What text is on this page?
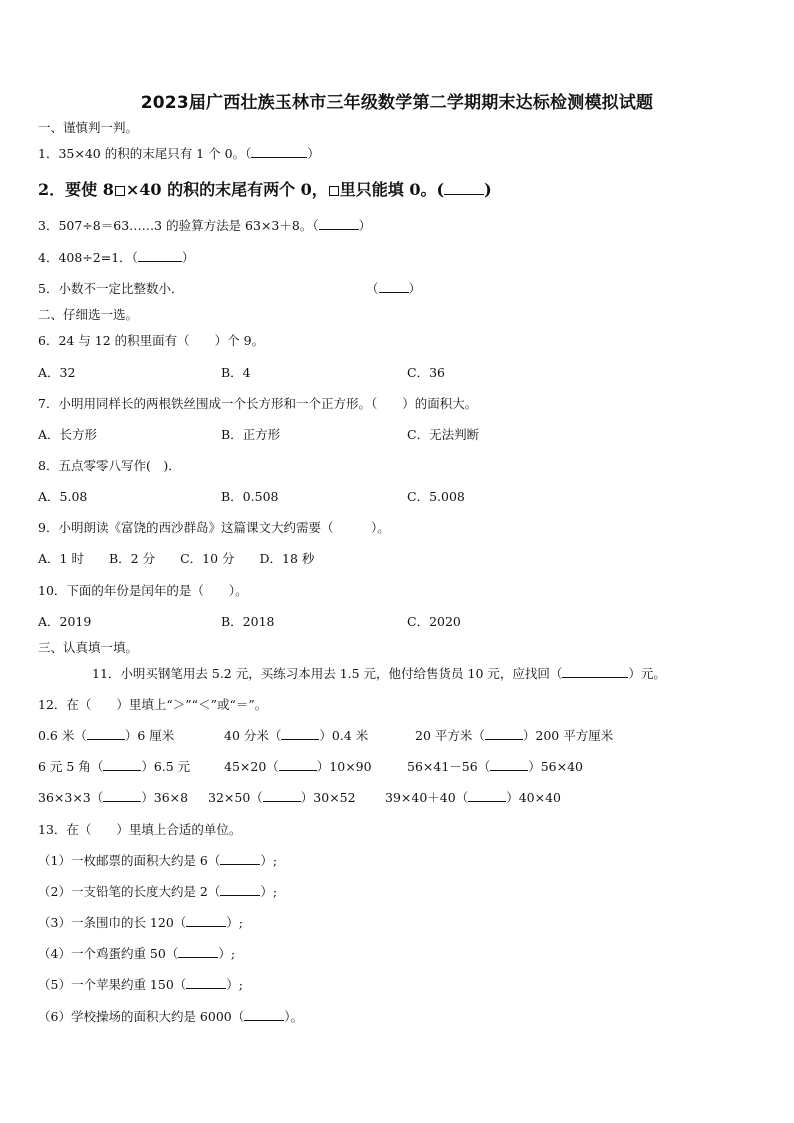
2023届广西壮族玉林市三年级数学第二学期期末达标检测模拟试题
一、谨慎判一判。
1．35×40 的积的末尾只有 1 个 0。（	）
2．要使 8 ×40 的积的末尾有两个 0， 里只能填 0。(	)
3．507÷8＝63……3 的验算方法是 63×3＋8。（	）
4．408÷2=1．（	）
5．小数不一定比整数小．	（ ）
二、仔细选一选。
6．24 与 12 的积里面有（　　）个 9。
A．32	B．4	C．36
7．小明用同样长的两根铁丝围成一个长方形和一个正方形。（　　）的面积大。
A．长方形	B．正方形	C．无法判断
8．五点零零八写作(　)．
A．5.08	B．0.508	C．5.008
9．小明朗读《富饶的西沙群岛》这篇课文大约需要（　　　）。
A．1 时　　B．2 分　　C．10 分　　D．18 秒
10．下面的年份是闰年的是（　　）。
A．2019	B．2018	C．2020
三、认真填一填。
11．小明买钢笔用去 5.2 元，买练习本用去 1.5 元，他付给售货员 10 元，应找回（	）元。
12．在（　　）里填上“＞”“＜”或“＝”。
0.6 米（	）6 厘米	40 分米（	）0.4 米	20 平方米（	）200 平方厘米
6 元 5 角（	）6.5 元	45×20（	）10×90	56×41－56（	）56×40
36×3×3（	）36×8 32×50（	）30×52 39×40＋40（	）40×40
13．在（　　）里填上合适的单位。
（1）一枚邮票的面积大约是 6（	）;
（2）一支铅笔的长度大约是 2（	）;
（3）一条围巾的长 120（	）;
（4）一个鸡蛋约重 50（	）;
（5）一个苹果约重 150（	）;
（6）学校操场的面积大约是 6000（	）。
